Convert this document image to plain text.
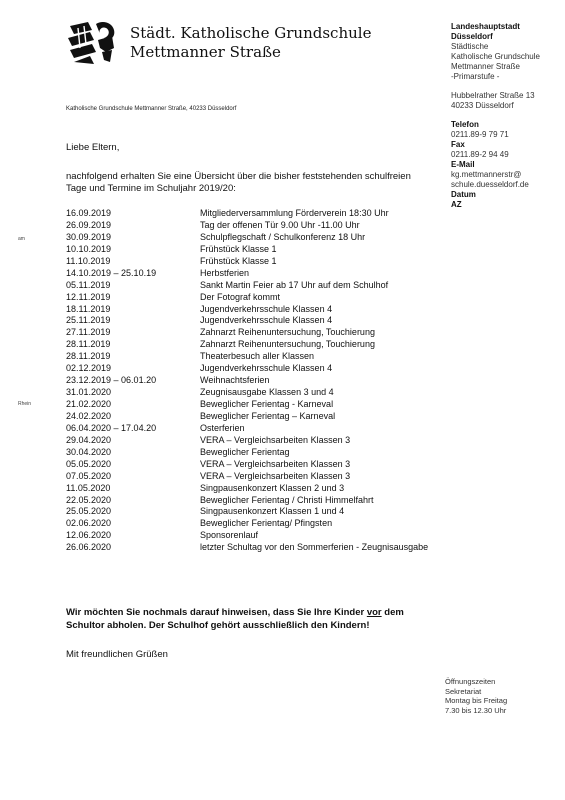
Städt. Katholische Grundschule
Mettmanner Straße
Katholische Grundschule Mettmanner Straße, 40233 Düsseldorf
Landeshauptstadt
Düsseldorf
Städtische
Katholische Grundschule
Mettmanner Straße
-Primarstufe -
Hubbelrather Straße 13
40233 Düsseldorf
Telefon
0211.89-9 79 71
Fax
0211.89-2 94 49
E-Mail
kg.mettmannerstr@
schule.duesseldorf.de
Datum
AZ
am
Rhein
Liebe Eltern,
nachfolgend erhalten Sie eine Übersicht über die bisher feststehenden schulfreien
Tage und Termine im Schuljahr 2019/20:
16.09.2019	Mitgliederversammlung Förderverein 18:30 Uhr
26.09.2019	Tag der offenen Tür 9.00 Uhr -11.00 Uhr
30.09.2019	Schulpflegschaft / Schulkonferenz 18 Uhr
10.10.2019	Frühstück Klasse 1
11.10.2019	Frühstück Klasse 1
14.10.2019 – 25.10.19	Herbstferien
05.11.2019	Sankt Martin Feier ab 17 Uhr auf dem Schulhof
12.11.2019	Der Fotograf kommt
18.11.2019	Jugendverkehrsschule Klassen 4
25.11.2019	Jugendverkehrsschule Klassen 4
27.11.2019	Zahnarzt Reihenuntersuchung, Touchierung
28.11.2019	Zahnarzt Reihenuntersuchung, Touchierung
28.11.2019	Theaterbesuch aller Klassen
02.12.2019	Jugendverkehrsschule Klassen 4
23.12.2019 – 06.01.20	Weihnachtsferien
31.01.2020	Zeugnisausgabe Klassen 3 und 4
21.02.2020	Beweglicher Ferientag - Karneval
24.02.2020	Beweglicher Ferientag – Karneval
06.04.2020 – 17.04.20	Osterferien
29.04.2020	VERA – Vergleichsarbeiten Klassen 3
30.04.2020	Beweglicher Ferientag
05.05.2020	VERA – Vergleichsarbeiten Klassen 3
07.05.2020	VERA – Vergleichsarbeiten Klassen 3
11.05.2020	Singpausenkonzert Klassen 2 und 3
22.05.2020	Beweglicher Ferientag / Christi Himmelfahrt
25.05.2020	Singpausenkonzert Klassen 1 und 4
02.06.2020	Beweglicher Ferientag/ Pfingsten
12.06.2020	Sponsorenlauf
26.06.2020	letzter Schultag vor den Sommerferien - Zeugnisausgabe
Wir möchten Sie nochmals darauf hinweisen, dass Sie Ihre Kinder vor dem Schultor abholen. Der Schulhof gehört ausschließlich den Kindern!
Mit freundlichen Grüßen
Öffnungszeiten
Sekretariat
Montag bis Freitag
7.30 bis 12.30 Uhr
